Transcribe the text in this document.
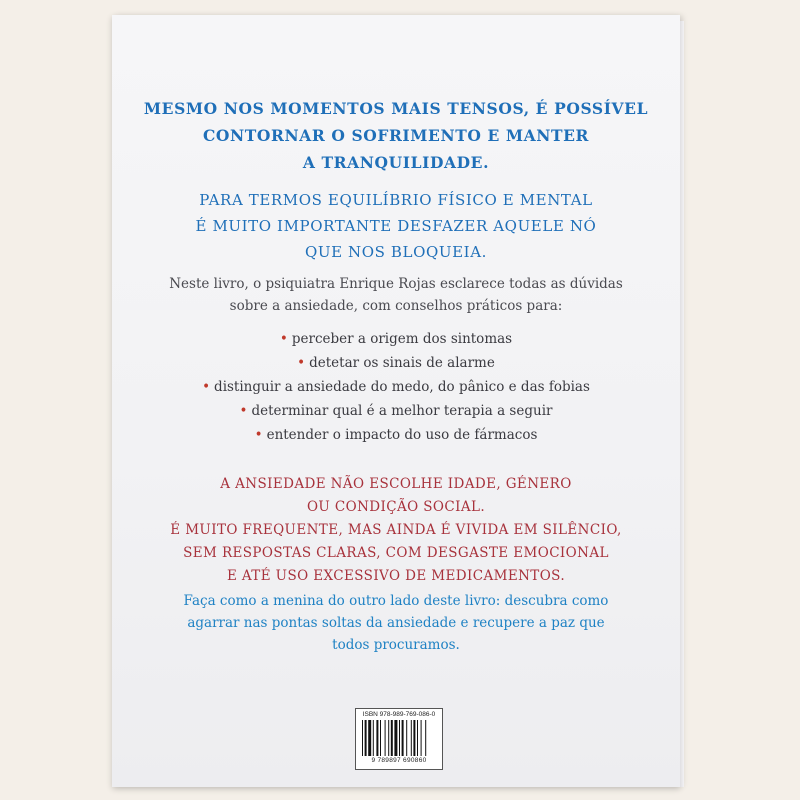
MESMO NOS MOMENTOS MAIS TENSOS, É POSSÍVEL
CONTORNAR O SOFRIMENTO E MANTER
A TRANQUILIDADE.
PARA TERMOS EQUILÍBRIO FÍSICO E MENTAL
É MUITO IMPORTANTE DESFAZER AQUELE NÓ
QUE NOS BLOQUEIA.
Neste livro, o psiquiatra Enrique Rojas esclarece todas as dúvidas
sobre a ansiedade, com conselhos práticos para:
• perceber a origem dos sintomas
• detetar os sinais de alarme
• distinguir a ansiedade do medo, do pânico e das fobias
• determinar qual é a melhor terapia a seguir
• entender o impacto do uso de fármacos
A ANSIEDADE NÃO ESCOLHE IDADE, GÉNERO
OU CONDIÇÃO SOCIAL.
É MUITO FREQUENTE, MAS AINDA É VIVIDA EM SILÊNCIO,
SEM RESPOSTAS CLARAS, COM DESGASTE EMOCIONAL
E ATÉ USO EXCESSIVO DE MEDICAMENTOS.
Faça como a menina do outro lado deste livro: descubra como
agarrar nas pontas soltas da ansiedade e recupere a paz que
todos procuramos.
ISBN 978-989-769-086-0
9 789897 690860
